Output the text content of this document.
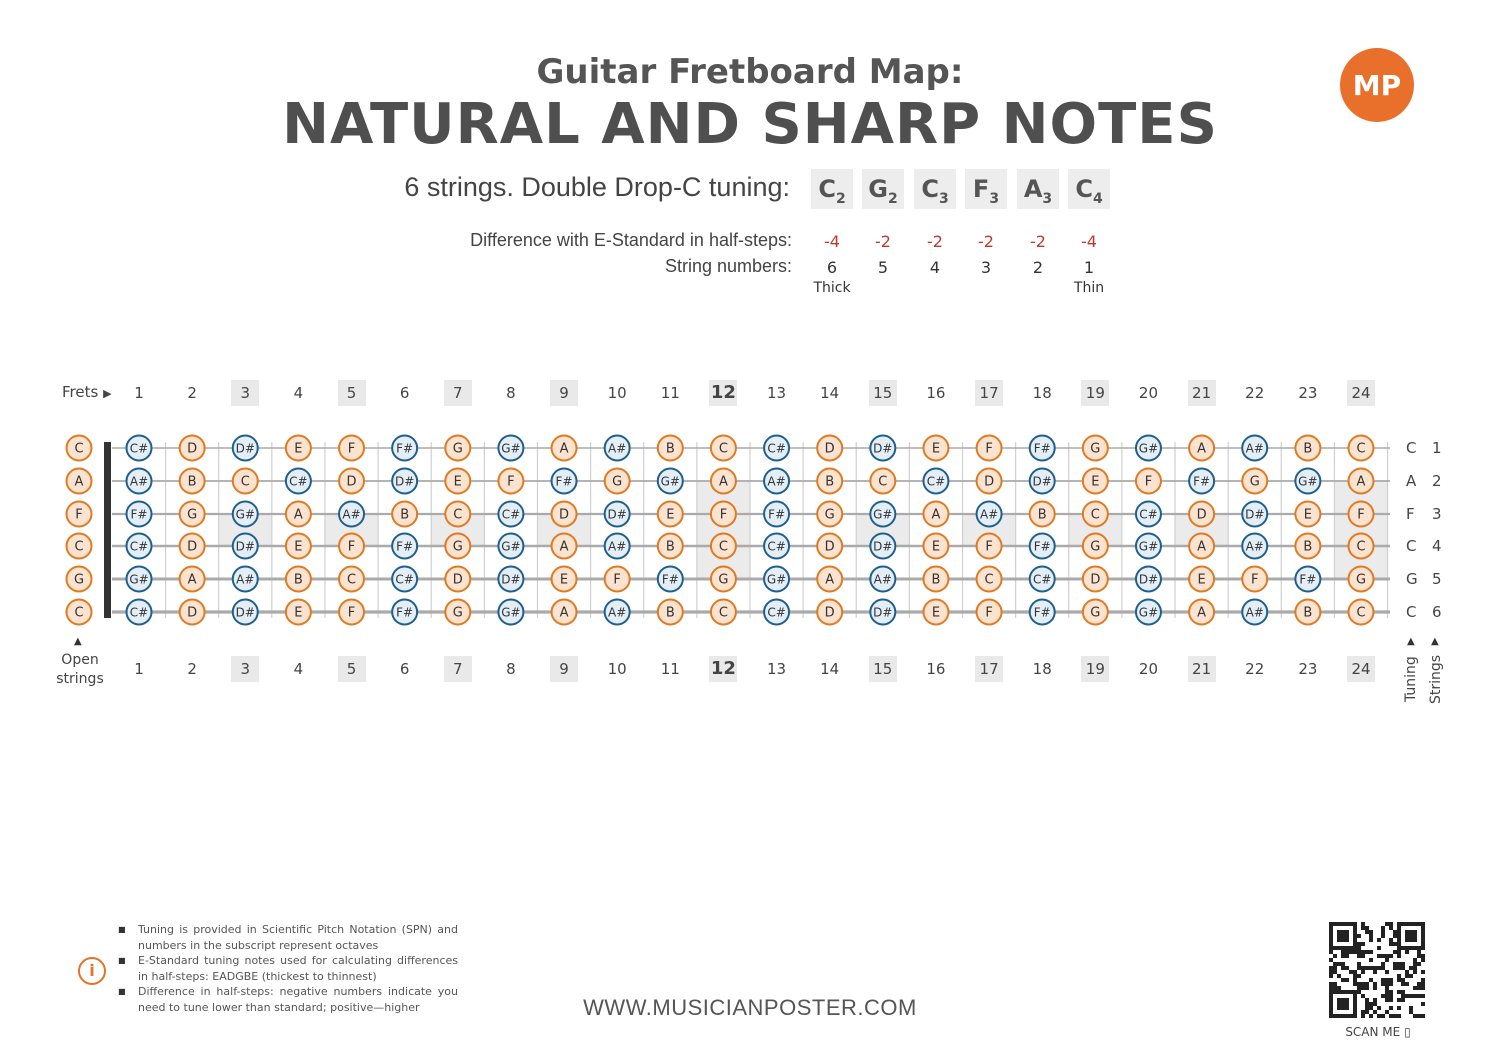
Guitar Fretboard Map:
NATURAL AND SHARP NOTES
MP
6 strings. Double Drop-C tuning:	$C_2$ $G_2$ $C_3$	$F_3$	$A_3$ $C_4$
Difference with E-Standard in half-steps:
String numbers:
-4	-2	-2	-2	-2	-4
6	5	4	3	2	1
Thick	Thin
Frets ▶	1	2	3	4	5	6	7	8	9	10 11 12 13 14 15 16 17 18 19 20 21 22 23 24
1	2	3	4	5	6	7	8	9	10 11 12 13 14 15 16 17 18 19 20 21 22 23 24
C
A
F
C
G
C
C#	D	D#	E	F	F#	G	G#	A	A#	B	C	C#	D	D#	E	F	F#	G	G#	A	A#	B	C
A#	B	C	C#	D	D#	E	F	F#	G	G#	A	A#	B	C	C#	D	D#	E	F	F#	G	G#	A
F#	G	G#	A	A#	B	C	C#	D	D#	E	F	F#	G	G#	A	A#	B	C	C#	D	D#	E	F
C#	D	D#	E	F	F#	G	G#	A	A#	B	C	C#	D	D#	E	F	F#	G	G#	A	A#	B	C
G#	A	A#	B	C	C#	D	D#	E	F	F#	G	G#	A	A#	B	C	C#	D	D#	E	F	F#	G
C#	D	D#	E	F	F#	G	G#	A	A#	B	C	C#	D	D#	E	F	F#	G	G#	A	A#	B	C
▲
Open
strings
C 1
A 2
F 3
C 4
G 5
C 6
▲ ▲
Tuning Strings
i
■ Tuning is provided in Scientific Pitch Notation (SPN) and numbers in the subscript represent octaves
■ E-Standard tuning notes used for calculating differences in half-steps: EADGBE (thickest to thinnest)
■ Difference in half-steps: negative numbers indicate you need to tune lower than standard; positive—higher	WWW.MUSICIANPOSTER.COM
SCAN ME ▯
